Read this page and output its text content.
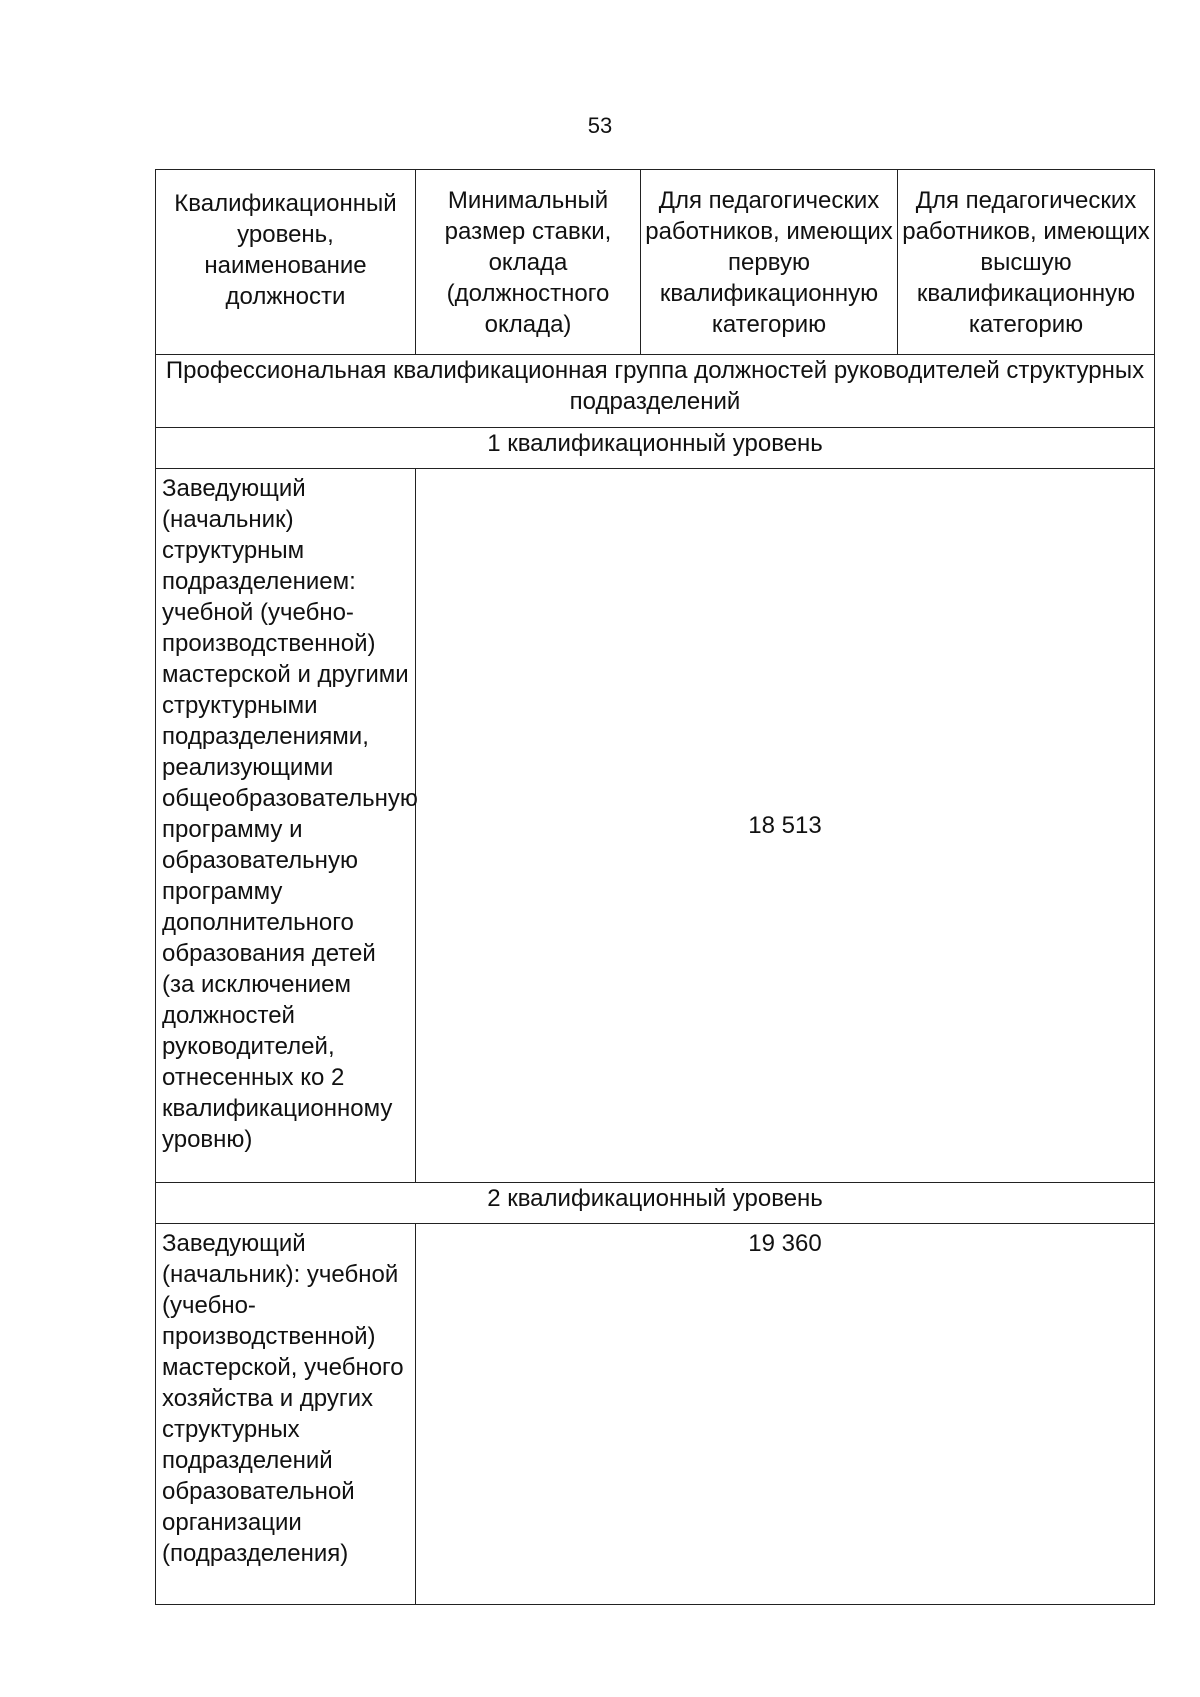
53
Квалификационный уровень, наименование должности	Минимальный размер ставки, оклада (должностного оклада)	Для педагогических работников, имеющих первую квалификационную категорию	Для педагогических работников, имеющих высшую квалификационную категорию
Профессиональная квалификационная группа должностей руководителей структурных подразделений			
1 квалификационный уровень			
Заведующий (начальник) структурным подразделением: учебной (учебно-производственной) мастерской и другими структурными подразделениями, реализующими общеобразовательную программу и образовательную программу дополнительного образования детей (за исключением должностей руководителей, отнесенных ко 2 квалификационному уровню)	18 513		
2 квалификационный уровень			
Заведующий (начальник): учебной (учебно-производственной) мастерской, учебного хозяйства и других структурных подразделений образовательной организации (подразделения)	19 360		
